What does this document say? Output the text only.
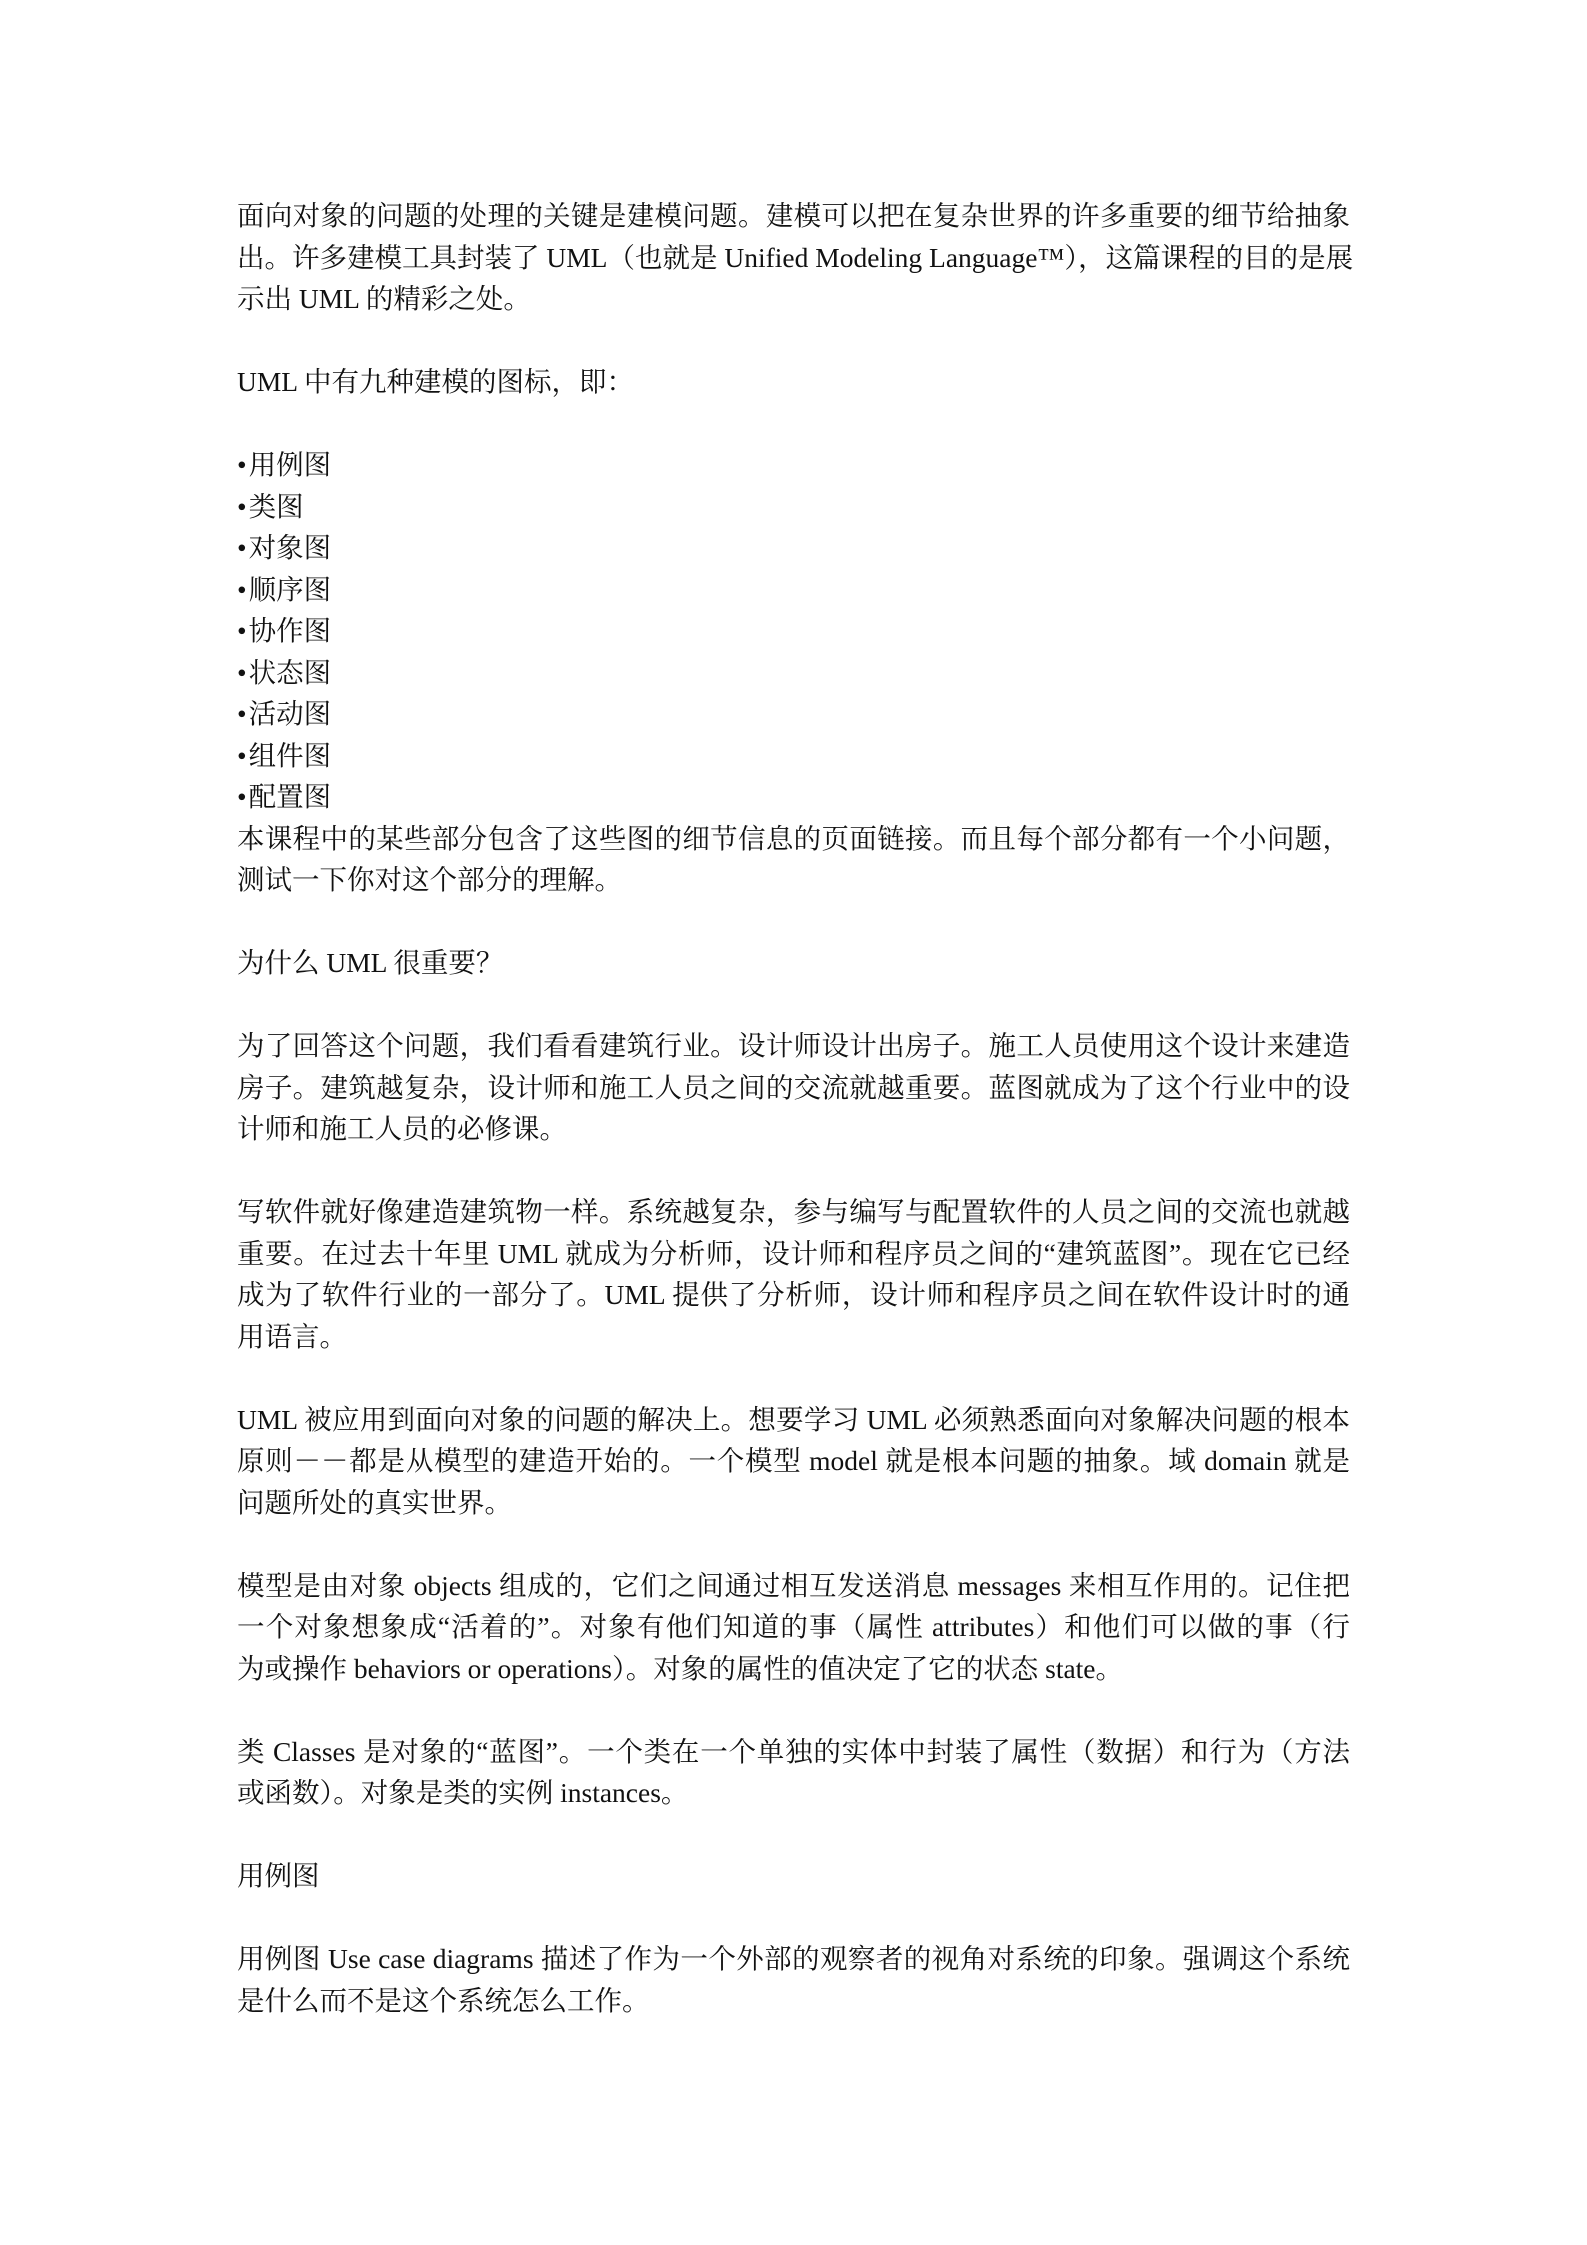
面向对象的问题的处理的关键是建模问题。建模可以把在复杂世界的许多重要的细节给抽象
出。许多建模工具封装了 UML（也就是 Unified Modeling Language™），这篇课程的目的是展
示出 UML 的精彩之处。
UML 中有九种建模的图标，即：
•用例图
•类图
•对象图
•顺序图
•协作图
•状态图
•活动图
•组件图
•配置图
本课程中的某些部分包含了这些图的细节信息的页面链接。而且每个部分都有一个小问题，
测试一下你对这个部分的理解。
为什么 UML 很重要？
为了回答这个问题，我们看看建筑行业。设计师设计出房子。施工人员使用这个设计来建造
房子。建筑越复杂，设计师和施工人员之间的交流就越重要。蓝图就成为了这个行业中的设
计师和施工人员的必修课。
写软件就好像建造建筑物一样。系统越复杂，参与编写与配置软件的人员之间的交流也就越
重要。在过去十年里 UML 就成为分析师，设计师和程序员之间的“建筑蓝图”。现在它已经
成为了软件行业的一部分了。UML 提供了分析师，设计师和程序员之间在软件设计时的通
用语言。
UML 被应用到面向对象的问题的解决上。想要学习 UML 必须熟悉面向对象解决问题的根本
原则－－都是从模型的建造开始的。一个模型 model 就是根本问题的抽象。域 domain 就是
问题所处的真实世界。
模型是由对象 objects 组成的，它们之间通过相互发送消息 messages 来相互作用的。记住把
一个对象想象成“活着的”。对象有他们知道的事（属性 attributes）和他们可以做的事（行
为或操作 behaviors or operations）。对象的属性的值决定了它的状态 state。
类 Classes 是对象的“蓝图”。一个类在一个单独的实体中封装了属性（数据）和行为（方法
或函数）。对象是类的实例 instances。
用例图
用例图 Use case diagrams 描述了作为一个外部的观察者的视角对系统的印象。强调这个系统
是什么而不是这个系统怎么工作。
